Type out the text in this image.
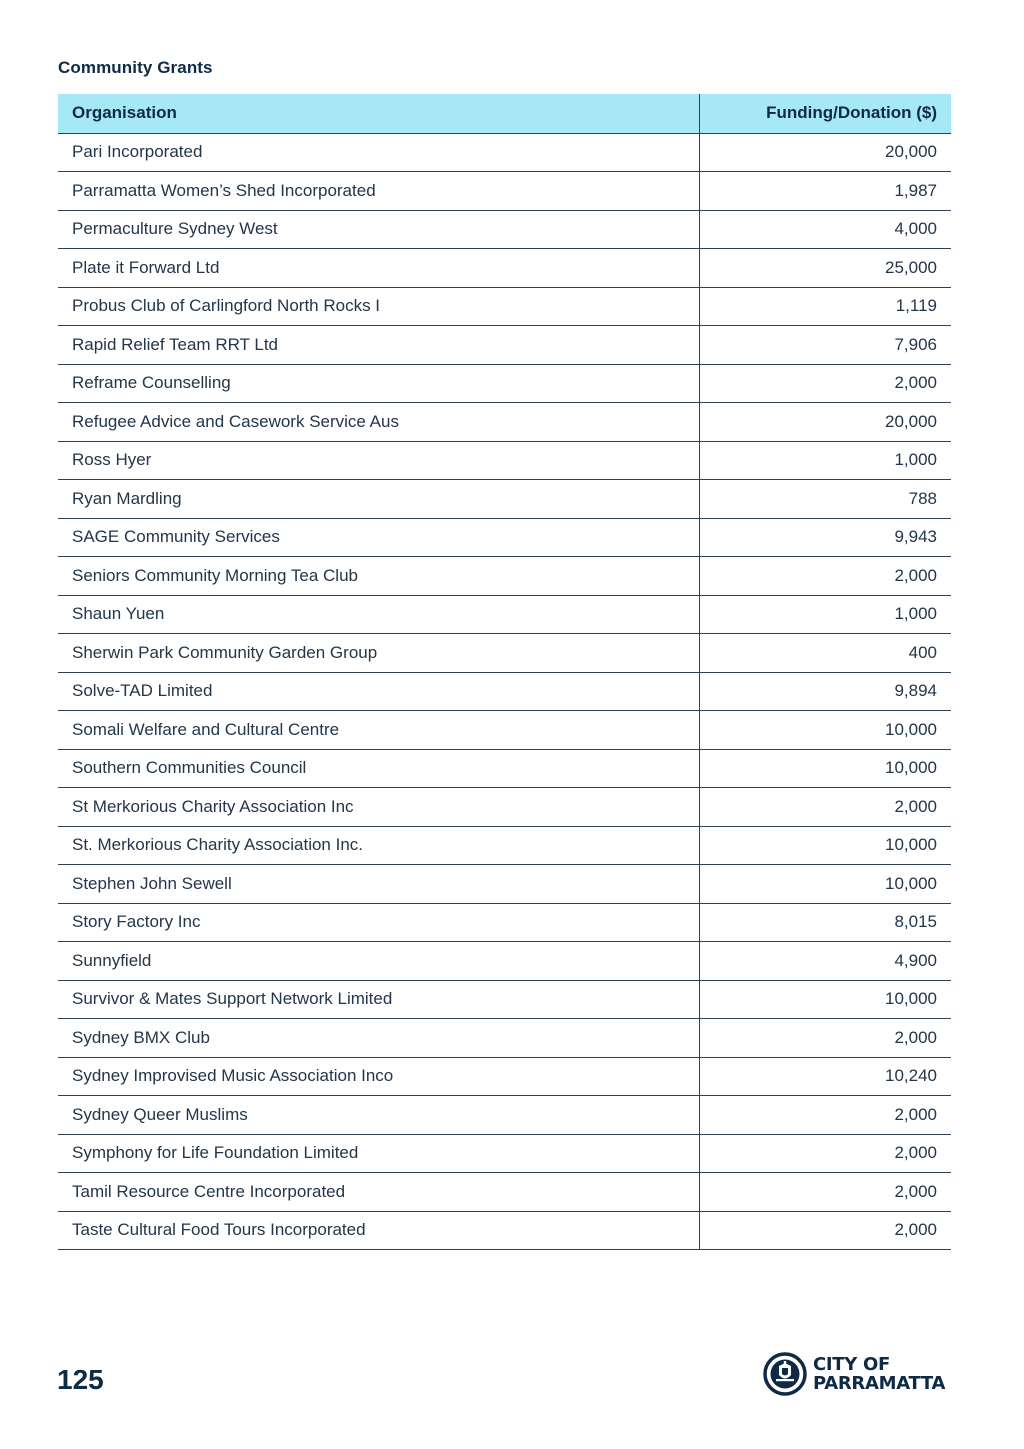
Community Grants
Organisation	Funding/Donation ($)
Pari Incorporated	20,000
Parramatta Women’s Shed Incorporated	1,987
Permaculture Sydney West	4,000
Plate it Forward Ltd	25,000
Probus Club of Carlingford North Rocks I	1,119
Rapid Relief Team RRT Ltd	7,906
Reframe Counselling	2,000
Refugee Advice and Casework Service Aus	20,000
Ross Hyer	1,000
Ryan Mardling	788
SAGE Community Services	9,943
Seniors Community Morning Tea Club	2,000
Shaun Yuen	1,000
Sherwin Park Community Garden Group	400
Solve-TAD Limited	9,894
Somali Welfare and Cultural Centre	10,000
Southern Communities Council	10,000
St Merkorious Charity Association Inc	2,000
St. Merkorious Charity Association Inc.	10,000
Stephen John Sewell	10,000
Story Factory Inc	8,015
Sunnyfield	4,900
Survivor & Mates Support Network Limited	10,000
Sydney BMX Club	2,000
Sydney Improvised Music Association Inco	10,240
Sydney Queer Muslims	2,000
Symphony for Life Foundation Limited	2,000
Tamil Resource Centre Incorporated	2,000
Taste Cultural Food Tours Incorporated	2,000
125	CITY OF
PARRAMATTA
